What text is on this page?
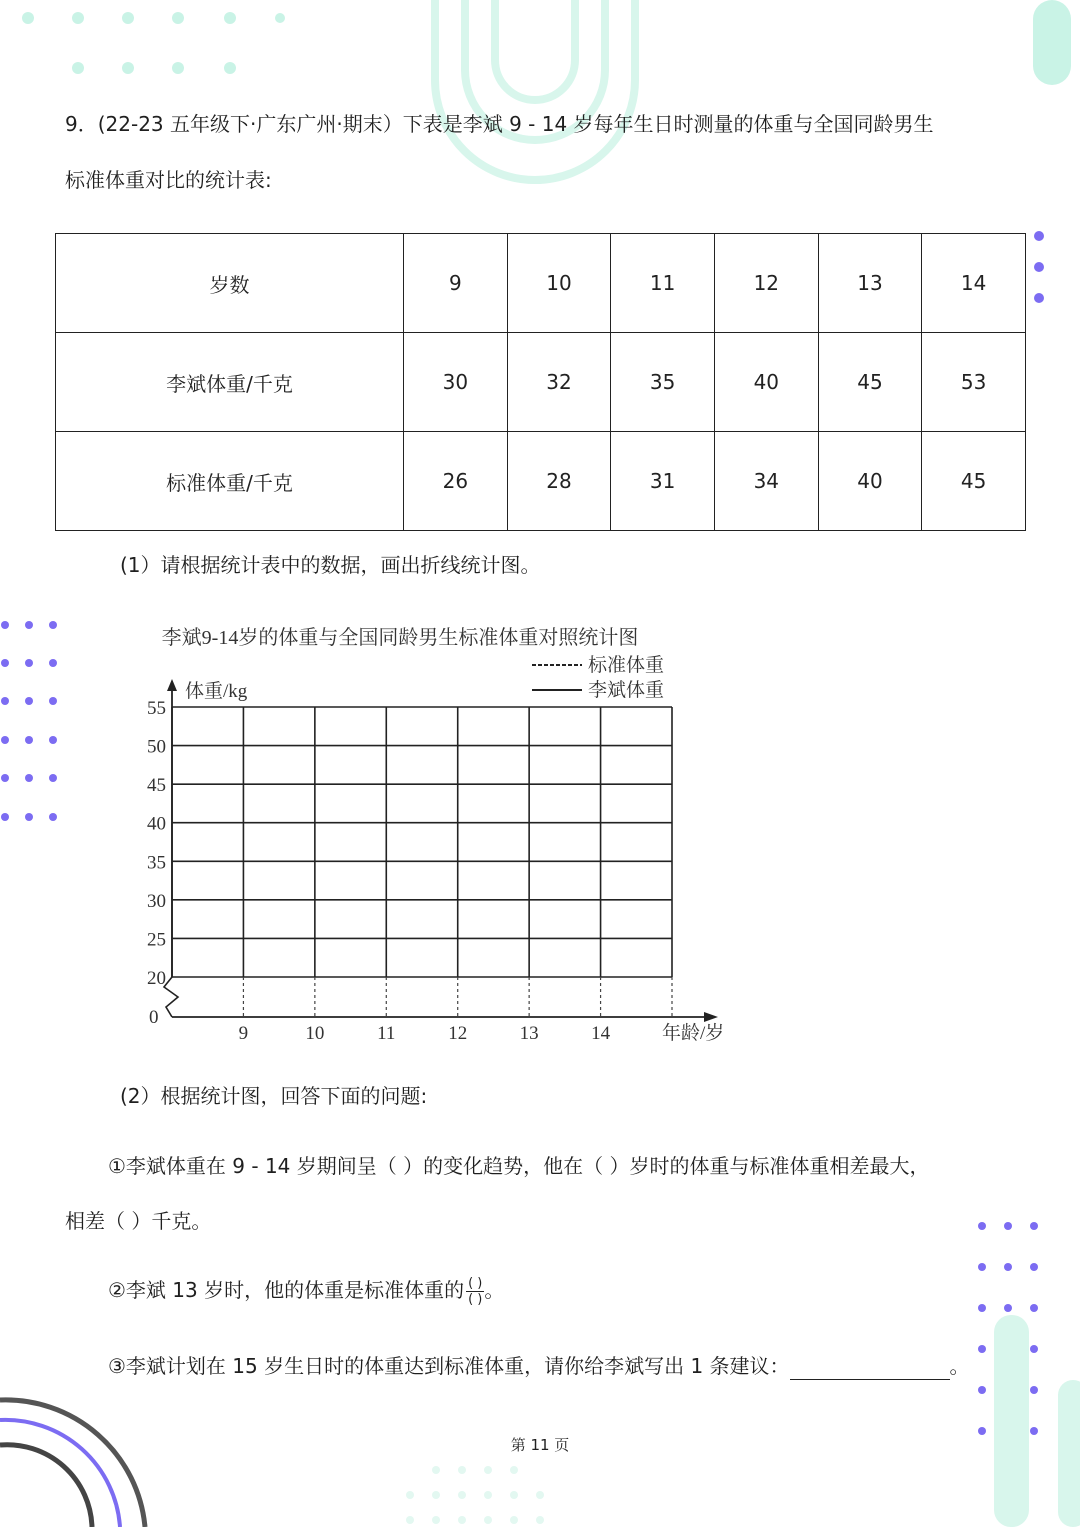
9．(22-23 五年级下·广东广州·期末）下表是李斌 9 - 14 岁每年生日时测量的体重与全国同龄男生
标准体重对比的统计表:
岁数	9	10	11	12	13	14
李斌体重/千克	30	32	35	40	45	53
标准体重/千克	26	28	31	34	40	45
(1）请根据统计表中的数据，画出折线统计图。
李斌9-14岁的体重与全国同龄男生标准体重对照统计图
标准体重
李斌体重
体重/kg
20
25
30
35
40
45
50
55
9	10	11	12	13	14	年龄/岁
0
(2）根据统计图，回答下面的问题:
①李斌体重在 9 - 14 岁期间呈（ ）的变化趋势，他在（ ）岁时的体重与标准体重相差最大，
相差（ ）千克。
②李斌 13 岁时，他的体重是标准体重的 $\frac{( )}{( )}$ 。
③李斌计划在 15 岁生日时的体重达到标准体重，请你给李斌写出 1 条建议：	。
第 11 页
